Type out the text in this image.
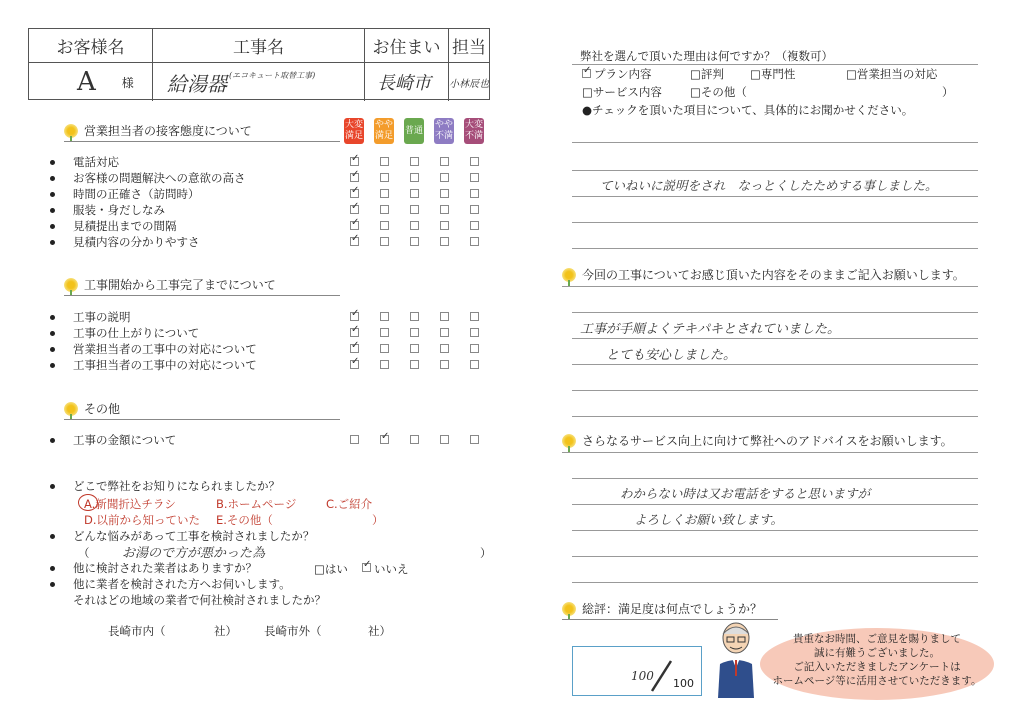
お客様名	工事名	お住まい 担当
A 様 給湯器 (エコキュート取替工事)	長崎市 小林辰也
大変
満足
やや
満足
普通
やや
不満
大変
不満
営業担当者の接客態度について
電話対応
✓
お客様の問題解決への意欲の高さ
✓
時間の正確さ（訪問時）
✓
服装・身だしなみ
✓
見積提出までの間隔
✓
見積内容の分かりやすさ
✓
工事開始から工事完了までについて
工事の説明
✓
工事の仕上がりについて
✓
営業担当者の工事中の対応について
✓
工事担当者の工事中の対応について
✓
その他
工事の金額について
✓
どこで弊社をお知りになられましたか？
A.新聞折込チラシ	B.ホームページ	C.ご紹介
D.以前から知っていた E.その他（	）
どんな悩みがあって工事を検討されましたか？
（	お湯ので方が悪かった為	）
他に検討された業者はありますか？	□はい
✓ いいえ
他に業者を検討された方へお伺いします。
それはどの地域の業者で何社検討されましたか？
長崎市内（	社） 長崎市外（	社）
弊社を選んで頂いた理由は何ですか？（複数可）
✓
プラン内容	□評判 □専門性	□営業担当の対応
□サービス内容 □その他（	）
●チェックを頂いた項目について、具体的にお聞かせください。
ていねいに説明をされ　なっとくしたためする事しました。
今回の工事についてお感じ頂いた内容をそのままご記入お願いします。
工事が手順よくテキパキとされていました。
とても安心しました。
さらなるサービス向上に向けて弊社へのアドバイスをお願いします。
わからない時は又お電話をすると思いますが
よろしくお願い致します。
総評：満足度は何点でしょうか？
100
100
貴重なお時間、ご意見を賜りまして
誠に有難うございました。
ご記入いただきましたアンケートは
ホームページ等に活用させていただきます。
